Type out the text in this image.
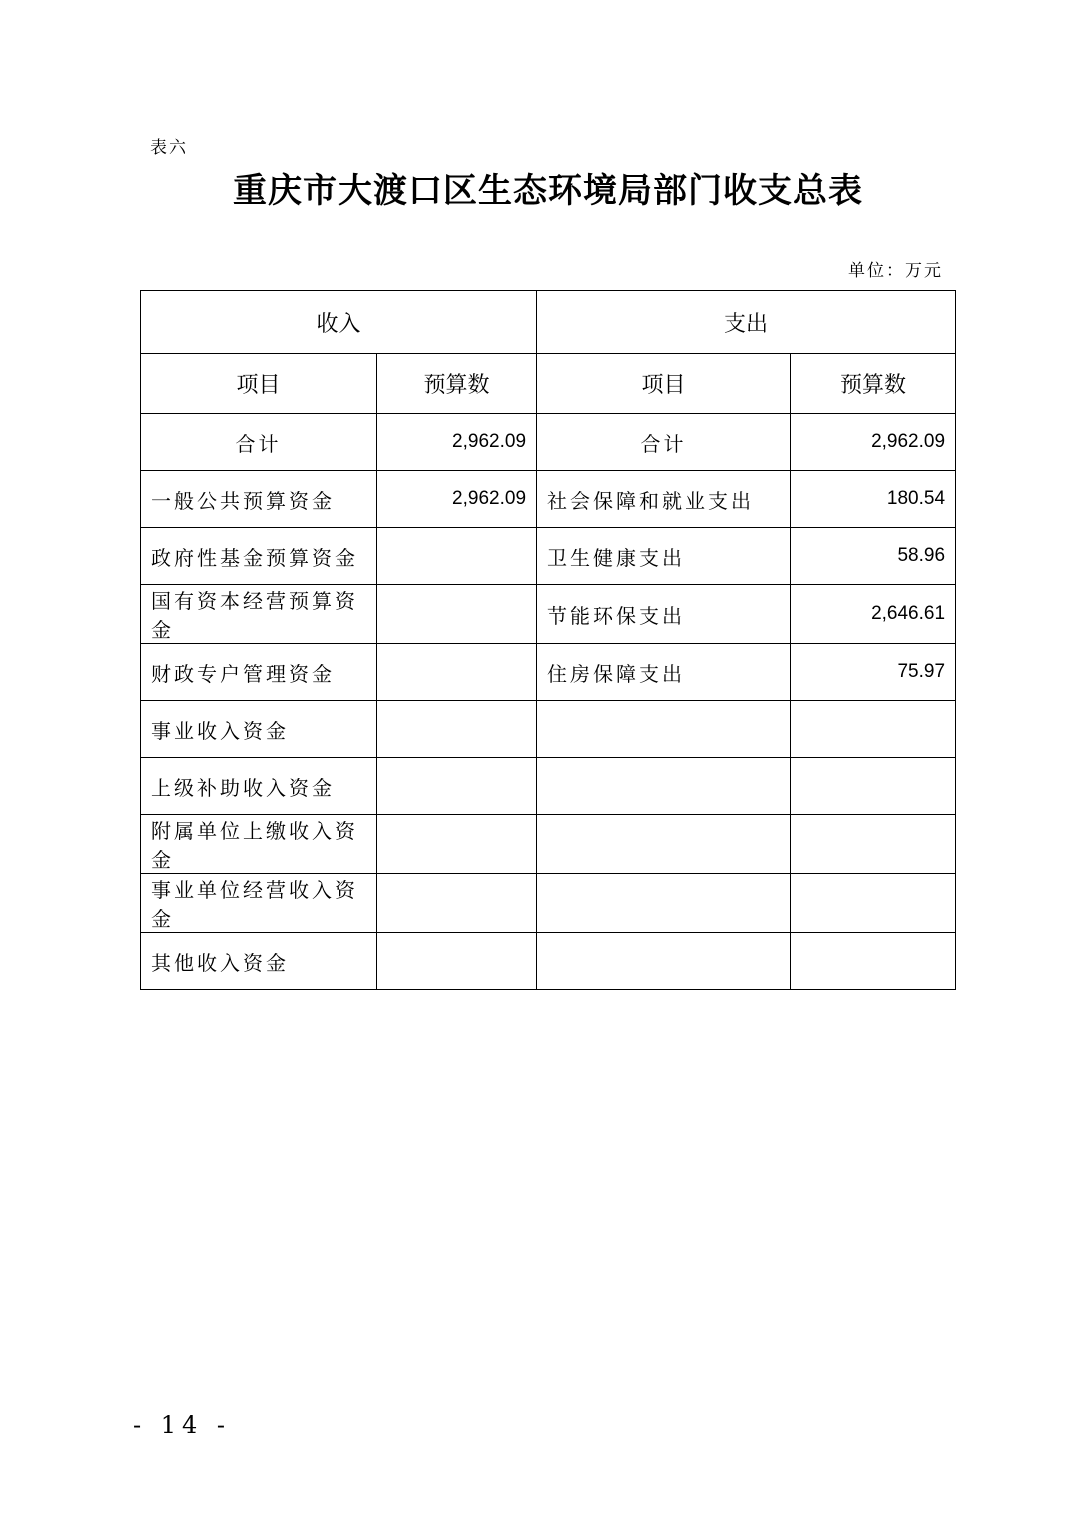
表六
重庆市大渡口区生态环境局部门收支总表
单位：万元
收入		支出	
项目	预算数	项目	预算数
合计	2,962.09	合计	2,962.09
一般公共预算资金	2,962.09	社会保障和就业支出	180.54
政府性基金预算资金		卫生健康支出	58.96
国有资本经营预算资金		节能环保支出	2,646.61
财政专户管理资金		住房保障支出	75.97
事业收入资金			
上级补助收入资金			
附属单位上缴收入资金			
事业单位经营收入资金			
其他收入资金			
- 14 -
